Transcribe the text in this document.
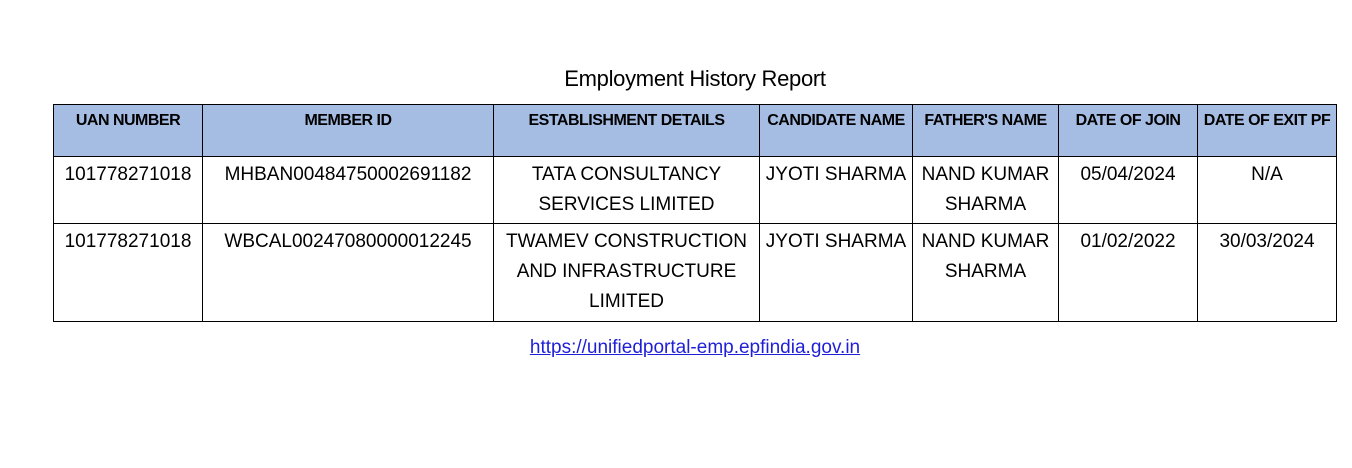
Employment History Report
UAN NUMBER	MEMBER ID	ESTABLISHMENT DETAILS	CANDIDATE NAME	FATHER'S NAME	DATE OF JOIN	DATE OF EXIT PF
101778271018	MHBAN00484750002691182	TATA CONSULTANCY SERVICES LIMITED	JYOTI SHARMA	NAND KUMAR SHARMA	05/04/2024	N/A
101778271018	WBCAL00247080000012245	TWAMEV CONSTRUCTION AND INFRASTRUCTURE LIMITED	JYOTI SHARMA	NAND KUMAR SHARMA	01/02/2022	30/03/2024
https://unifiedportal-emp.epfindia.gov.in
